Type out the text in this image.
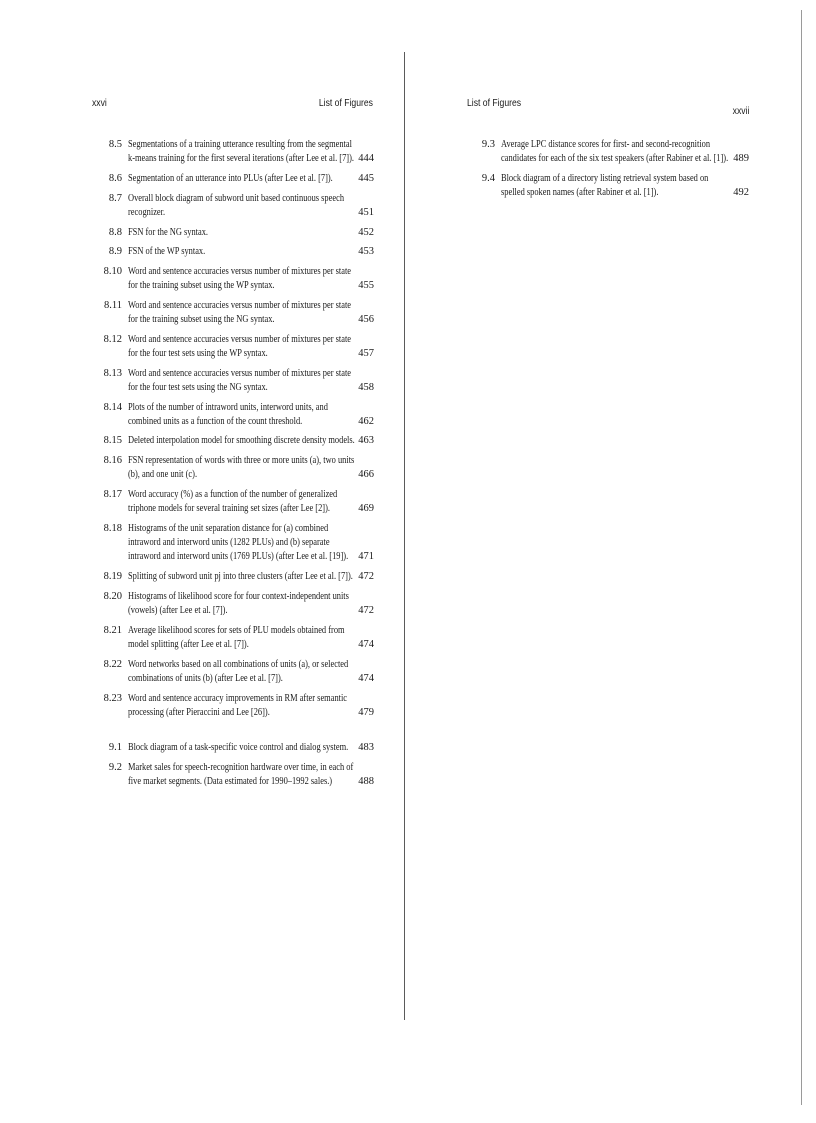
xxvi	List of Figures
8.5 Segmentations of a training utterance resulting from the segmental k-means training for the first several iterations (after Lee et al. [7]). 444
8.6 Segmentation of an utterance into PLUs (after Lee et al. [7]).	445
8.7 Overall block diagram of subword unit based continuous speech recognizer.	451
8.8 FSN for the NG syntax.	452
8.9 FSN of the WP syntax.	453
8.10 Word and sentence accuracies versus number of mixtures per state for the training subset using the WP syntax.	455
8.11 Word and sentence accuracies versus number of mixtures per state for the training subset using the NG syntax.	456
8.12 Word and sentence accuracies versus number of mixtures per state for the four test sets using the WP syntax.	457
8.13 Word and sentence accuracies versus number of mixtures per state for the four test sets using the NG syntax.	458
8.14 Plots of the number of intraword units, interword units, and combined units as a function of the count threshold.	462
8.15 Deleted interpolation model for smoothing discrete density models. 463
8.16 FSN representation of words with three or more units (a), two units (b), and one unit (c).	466
8.17 Word accuracy (%) as a function of the number of generalized triphone models for several training set sizes (after Lee [2]).	469
8.18 Histograms of the unit separation distance for (a) combined intraword and interword units (1282 PLUs) and (b) separate intraword and interword units (1769 PLUs) (after Lee et al. [19]). 471
8.19 Splitting of subword unit pj into three clusters (after Lee et al. [7]). 472
8.20 Histograms of likelihood score for four context-independent units (vowels) (after Lee et al. [7]).	472
8.21 Average likelihood scores for sets of PLU models obtained from model splitting (after Lee et al. [7]).	474
8.22 Word networks based on all combinations of units (a), or selected combinations of units (b) (after Lee et al. [7]).	474
8.23 Word and sentence accuracy improvements in RM after semantic processing (after Pieraccini and Lee [26]).	479
9.1 Block diagram of a task-specific voice control and dialog system. 483
9.2 Market sales for speech-recognition hardware over time, in each of five market segments. (Data estimated for 1990–1992 sales.)	488
List of Figures
xxvii
9.3 Average LPC distance scores for first- and second-recognition candidates for each of the six test speakers (after Rabiner et al. [1]). 489
9.4 Block diagram of a directory listing retrieval system based on spelled spoken names (after Rabiner et al. [1]).	492
